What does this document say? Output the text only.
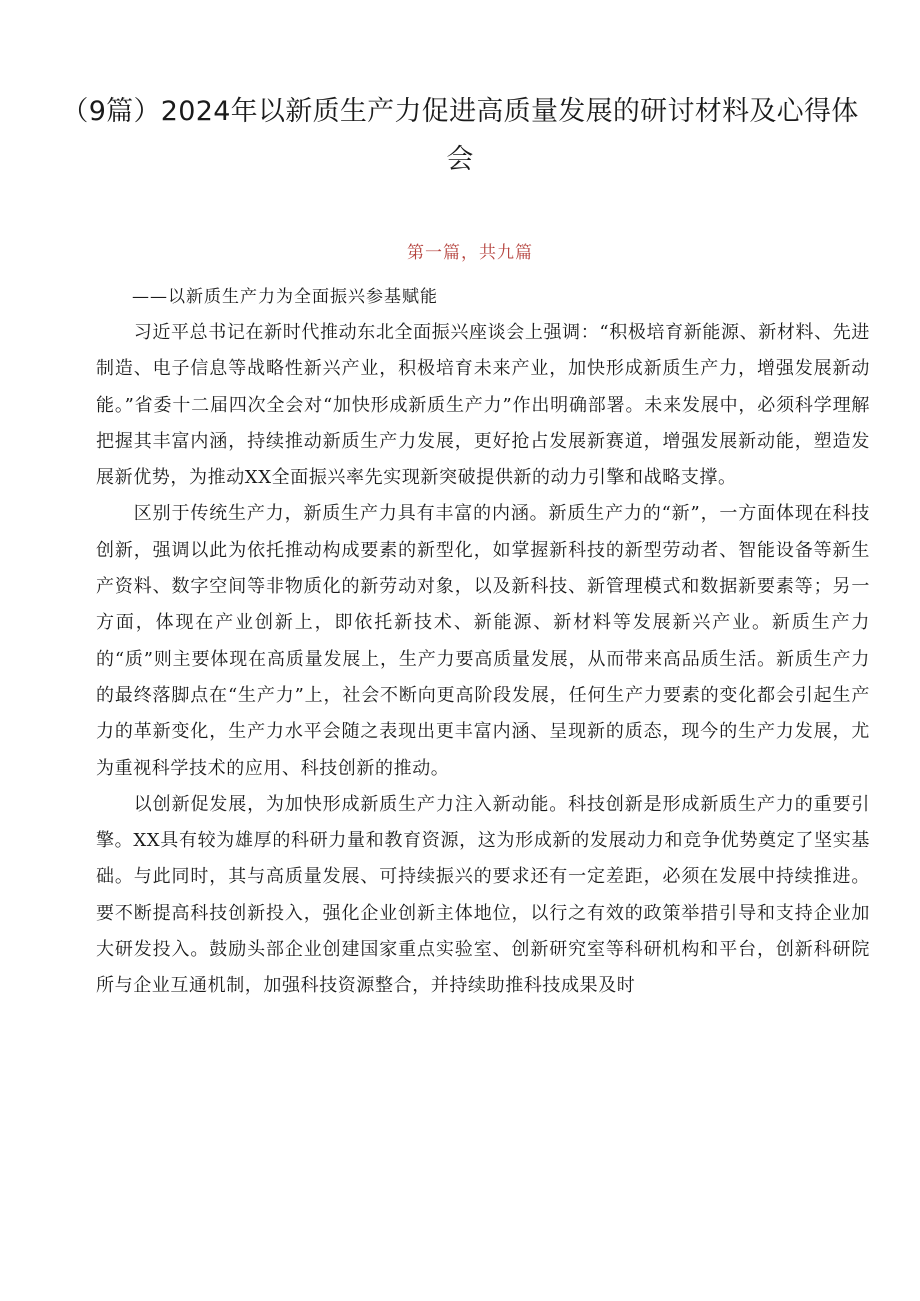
（9篇）2024年以新质生产力促进高质量发展的研讨材料及心得体会
第一篇，共九篇
——以新质生产力为全面振兴参基赋能

习近平总书记在新时代推动东北全面振兴座谈会上强调：“积极培育新能源、新材料、先进制造、电子信息等战略性新兴产业，积极培育未来产业，加快形成新质生产力，增强发展新动能。”省委十二届四次全会对“加快形成新质生产力”作出明确部署。未来发展中，必须科学理解把握其丰富内涵，持续推动新质生产力发展，更好抢占发展新赛道，增强发展新动能，塑造发展新优势，为推动XX全面振兴率先实现新突破提供新的动力引擎和战略支撑。

区别于传统生产力，新质生产力具有丰富的内涵。新质生产力的“新”，一方面体现在科技创新，强调以此为依托推动构成要素的新型化，如掌握新科技的新型劳动者、智能设备等新生产资料、数字空间等非物质化的新劳动对象，以及新科技、新管理模式和数据新要素等；另一方面，体现在产业创新上，即依托新技术、新能源、新材料等发展新兴产业。新质生产力的“质”则主要体现在高质量发展上，生产力要高质量发展，从而带来高品质生活。新质生产力的最终落脚点在“生产力”上，社会不断向更高阶段发展，任何生产力要素的变化都会引起生产力的革新变化，生产力水平会随之表现出更丰富内涵、呈现新的质态，现今的生产力发展，尤为重视科学技术的应用、科技创新的推动。

以创新促发展，为加快形成新质生产力注入新动能。科技创新是形成新质生产力的重要引擎。XX具有较为雄厚的科研力量和教育资源，这为形成新的发展动力和竞争优势奠定了坚实基础。与此同时，其与高质量发展、可持续振兴的要求还有一定差距，必须在发展中持续推进。要不断提高科技创新投入，强化企业创新主体地位，以行之有效的政策举措引导和支持企业加大研发投入。鼓励头部企业创建国家重点实验室、创新研究室等科研机构和平台，创新科研院所与企业互通机制，加强科技资源整合，并持续助推科技成果及时
